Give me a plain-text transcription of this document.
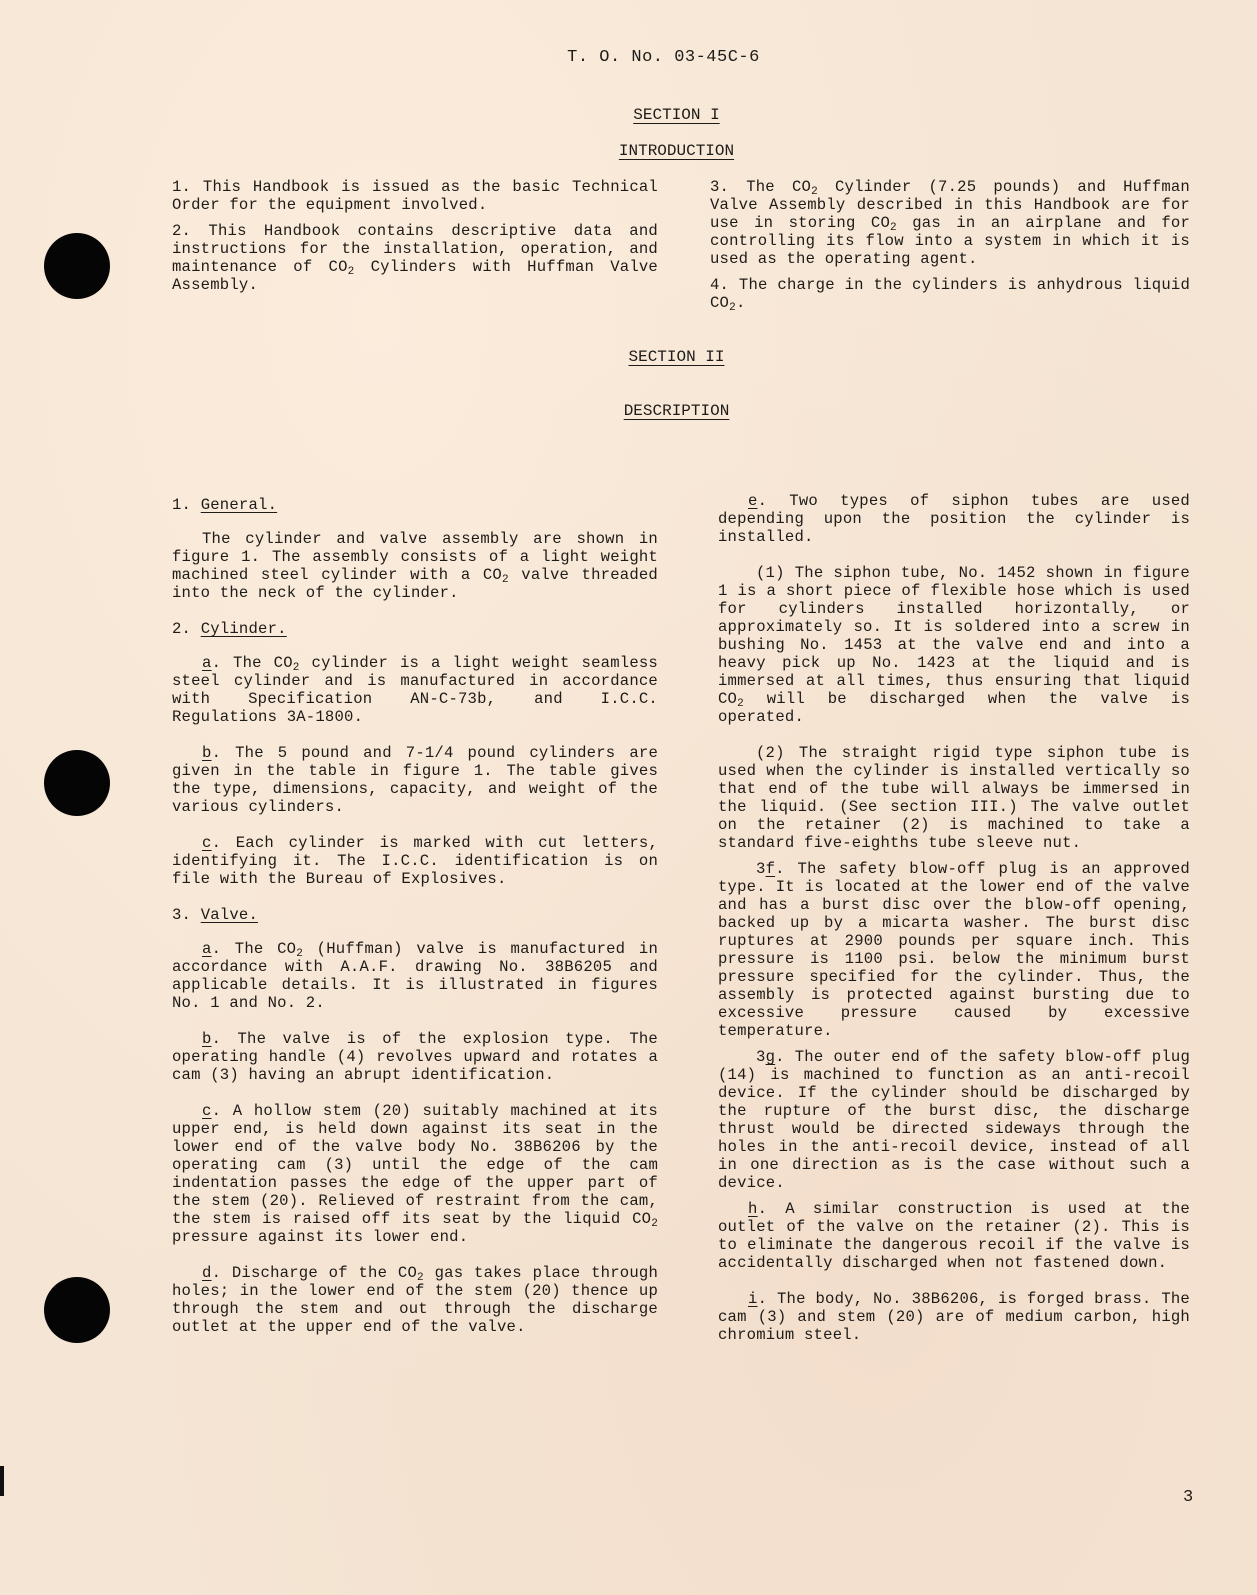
T. O. No. 03-45C-6
SECTION I
INTRODUCTION

1. This Handbook is issued as the basic Technical Order for the equipment involved.

2. This Handbook contains descriptive data and instructions for the installation, operation, and maintenance of $CO_2$ Cylinders with Huffman Valve Assembly.

3. The $CO_2$ Cylinder (7.25 pounds) and Huffman Valve Assembly described in this Handbook are for use in storing $CO_2$ gas in an airplane and for controlling its flow into a system in which it is used as the operating agent.

4. The charge in the cylinders is anhydrous liquid $CO_2$.

SECTION II
DESCRIPTION
1. General.

The cylinder and valve assembly are shown in figure 1. The assembly consists of a light weight machined steel cylinder with a $CO_2$ valve threaded into the neck of the cylinder.

2. Cylinder.

a. The $CO_2$ cylinder is a light weight seamless steel cylinder and is manufactured in accordance with Specification AN-C-73b, and I.C.C. Regulations 3A-1800.

b. The 5 pound and 7-1/4 pound cylinders are given in the table in figure 1. The table gives the type, dimensions, capacity, and weight of the various cylinders.

c. Each cylinder is marked with cut letters, identifying it. The I.C.C. identification is on file with the Bureau of Explosives.

3. Valve.

a. The $CO_2$ (Huffman) valve is manufactured in accordance with A.A.F. drawing No. 38B6205 and applicable details. It is illustrated in figures No. 1 and No. 2.

b. The valve is of the explosion type. The operating handle (4) revolves upward and rotates a cam (3) having an abrupt identification.

c. A hollow stem (20) suitably machined at its upper end, is held down against its seat in the lower end of the valve body No. 38B6206 by the operating cam (3) until the edge of the cam indentation passes the edge of the upper part of the stem (20). Relieved of restraint from the cam, the stem is raised off its seat by the liquid $CO_2$ pressure against its lower end.

d. Discharge of the $CO_2$ gas takes place through holes; in the lower end of the stem (20) thence up through the stem and out through the discharge outlet at the upper end of the valve.

e. Two types of siphon tubes are used depending upon the position the cylinder is installed.

(1) The siphon tube, No. 1452 shown in figure 1 is a short piece of flexible hose which is used for cylinders installed horizontally, or approximately so. It is soldered into a screw in bushing No. 1453 at the valve end and into a heavy pick up No. 1423 at the liquid and is immersed at all times, thus ensuring that liquid $CO_2$ will be discharged when the valve is operated.

(2) The straight rigid type siphon tube is used when the cylinder is installed vertically so that end of the tube will always be immersed in the liquid. (See section III.) The valve outlet on the retainer (2) is machined to take a standard five-eighths tube sleeve nut.

3f. The safety blow-off plug is an approved type. It is located at the lower end of the valve and has a burst disc over the blow-off opening, backed up by a micarta washer. The burst disc ruptures at 2900 pounds per square inch. This pressure is 1100 psi. below the minimum burst pressure specified for the cylinder. Thus, the assembly is protected against bursting due to excessive pressure caused by excessive temperature.

3g. The outer end of the safety blow-off plug (14) is machined to function as an anti-recoil device. If the cylinder should be discharged by the rupture of the burst disc, the discharge thrust would be directed sideways through the holes in the anti-recoil device, instead of all in one direction as is the case without such a device.

h. A similar construction is used at the outlet of the valve on the retainer (2). This is to eliminate the dangerous recoil if the valve is accidentally discharged when not fastened down.

i. The body, No. 38B6206, is forged brass. The cam (3) and stem (20) are of medium carbon, high chromium steel.

3
